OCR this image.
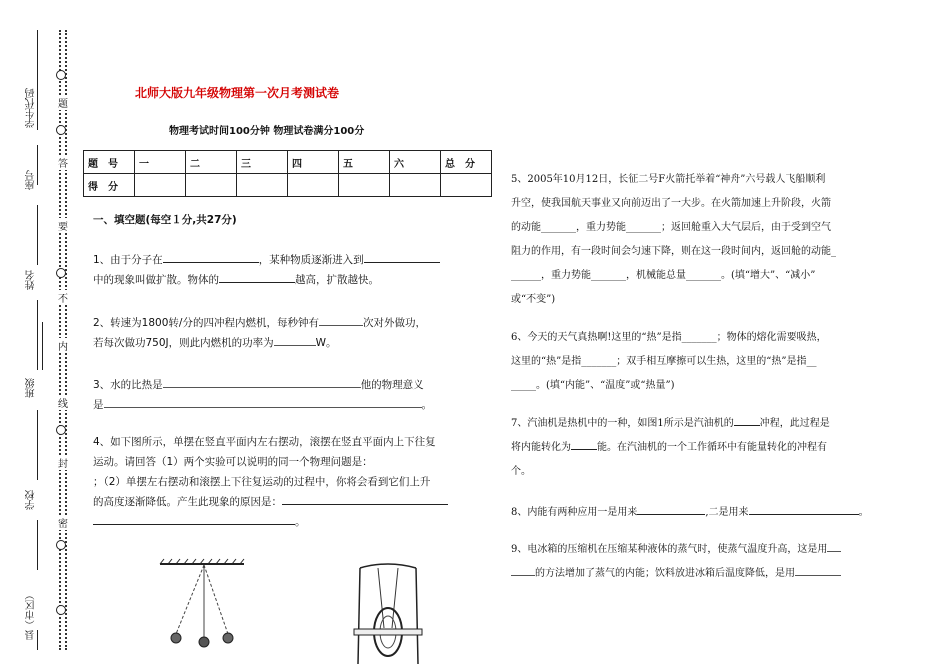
学生代码
座号
姓名
班级
学校
县（市区）
题
答
要
不
内
线
封
密
北师大版九年级物理第一次月考测试卷
物理考试时间100分钟 物理试卷满分100分
题　号	一	二	三	四	五	六	总　分
得　分							
一、填空题(每空１分,共27分)
1、由于分子在	，某种物质逐渐进入到
中的现象叫做扩散。物体的	越高，扩散越快。
2、转速为1800转/分的四冲程内燃机，每秒钟有	次对外做功，
若每次做功750J，则此内燃机的功率为	W。
3、水的比热是	他的物理意义
是	。
4、如下图所示，单摆在竖直平面内左右摆动，滚摆在竖直平面内上下往复
运动。请回答（1）两个实验可以说明的同一个物理问题是：
；（2）单摆左右摆动和滚摆上下往复运动的过程中，你将会看到它们上升
的高度逐渐降低。产生此现象的原因是：
。
5、2005年10月12日，长征二号F火箭托举着“神舟”六号载人飞船顺利
升空，使我国航天事业又向前迈出了一大步。在火箭加速上升阶段，火箭
的动能_______，重力势能_______；返回舱重入大气层后，由于受到空气
阻力的作用，有一段时间会匀速下降，则在这一段时间内，返回舱的动能_
______，重力势能_______，机械能总量_______。(填“增大”、“减小”
或“不变”)
6、今天的天气真热啊!这里的“热”是指_______；物体的熔化需要吸热，
这里的“热”是指_______；双手相互摩擦可以生热，这里的“热”是指__
_____。(填“内能”、“温度”或“热量”)
7、汽油机是热机中的一种，如图1所示是汽油机的	冲程，此过程是
将内能转化为	能。在汽油机的一个工作循环中有能量转化的冲程有
个。
8、内能有两种应用一是用来	,二是用来	。
9、电冰箱的压缩机在压缩某种液体的蒸气时，使蒸气温度升高，这是用
的方法增加了蒸气的内能；饮料放进冰箱后温度降低，是用
